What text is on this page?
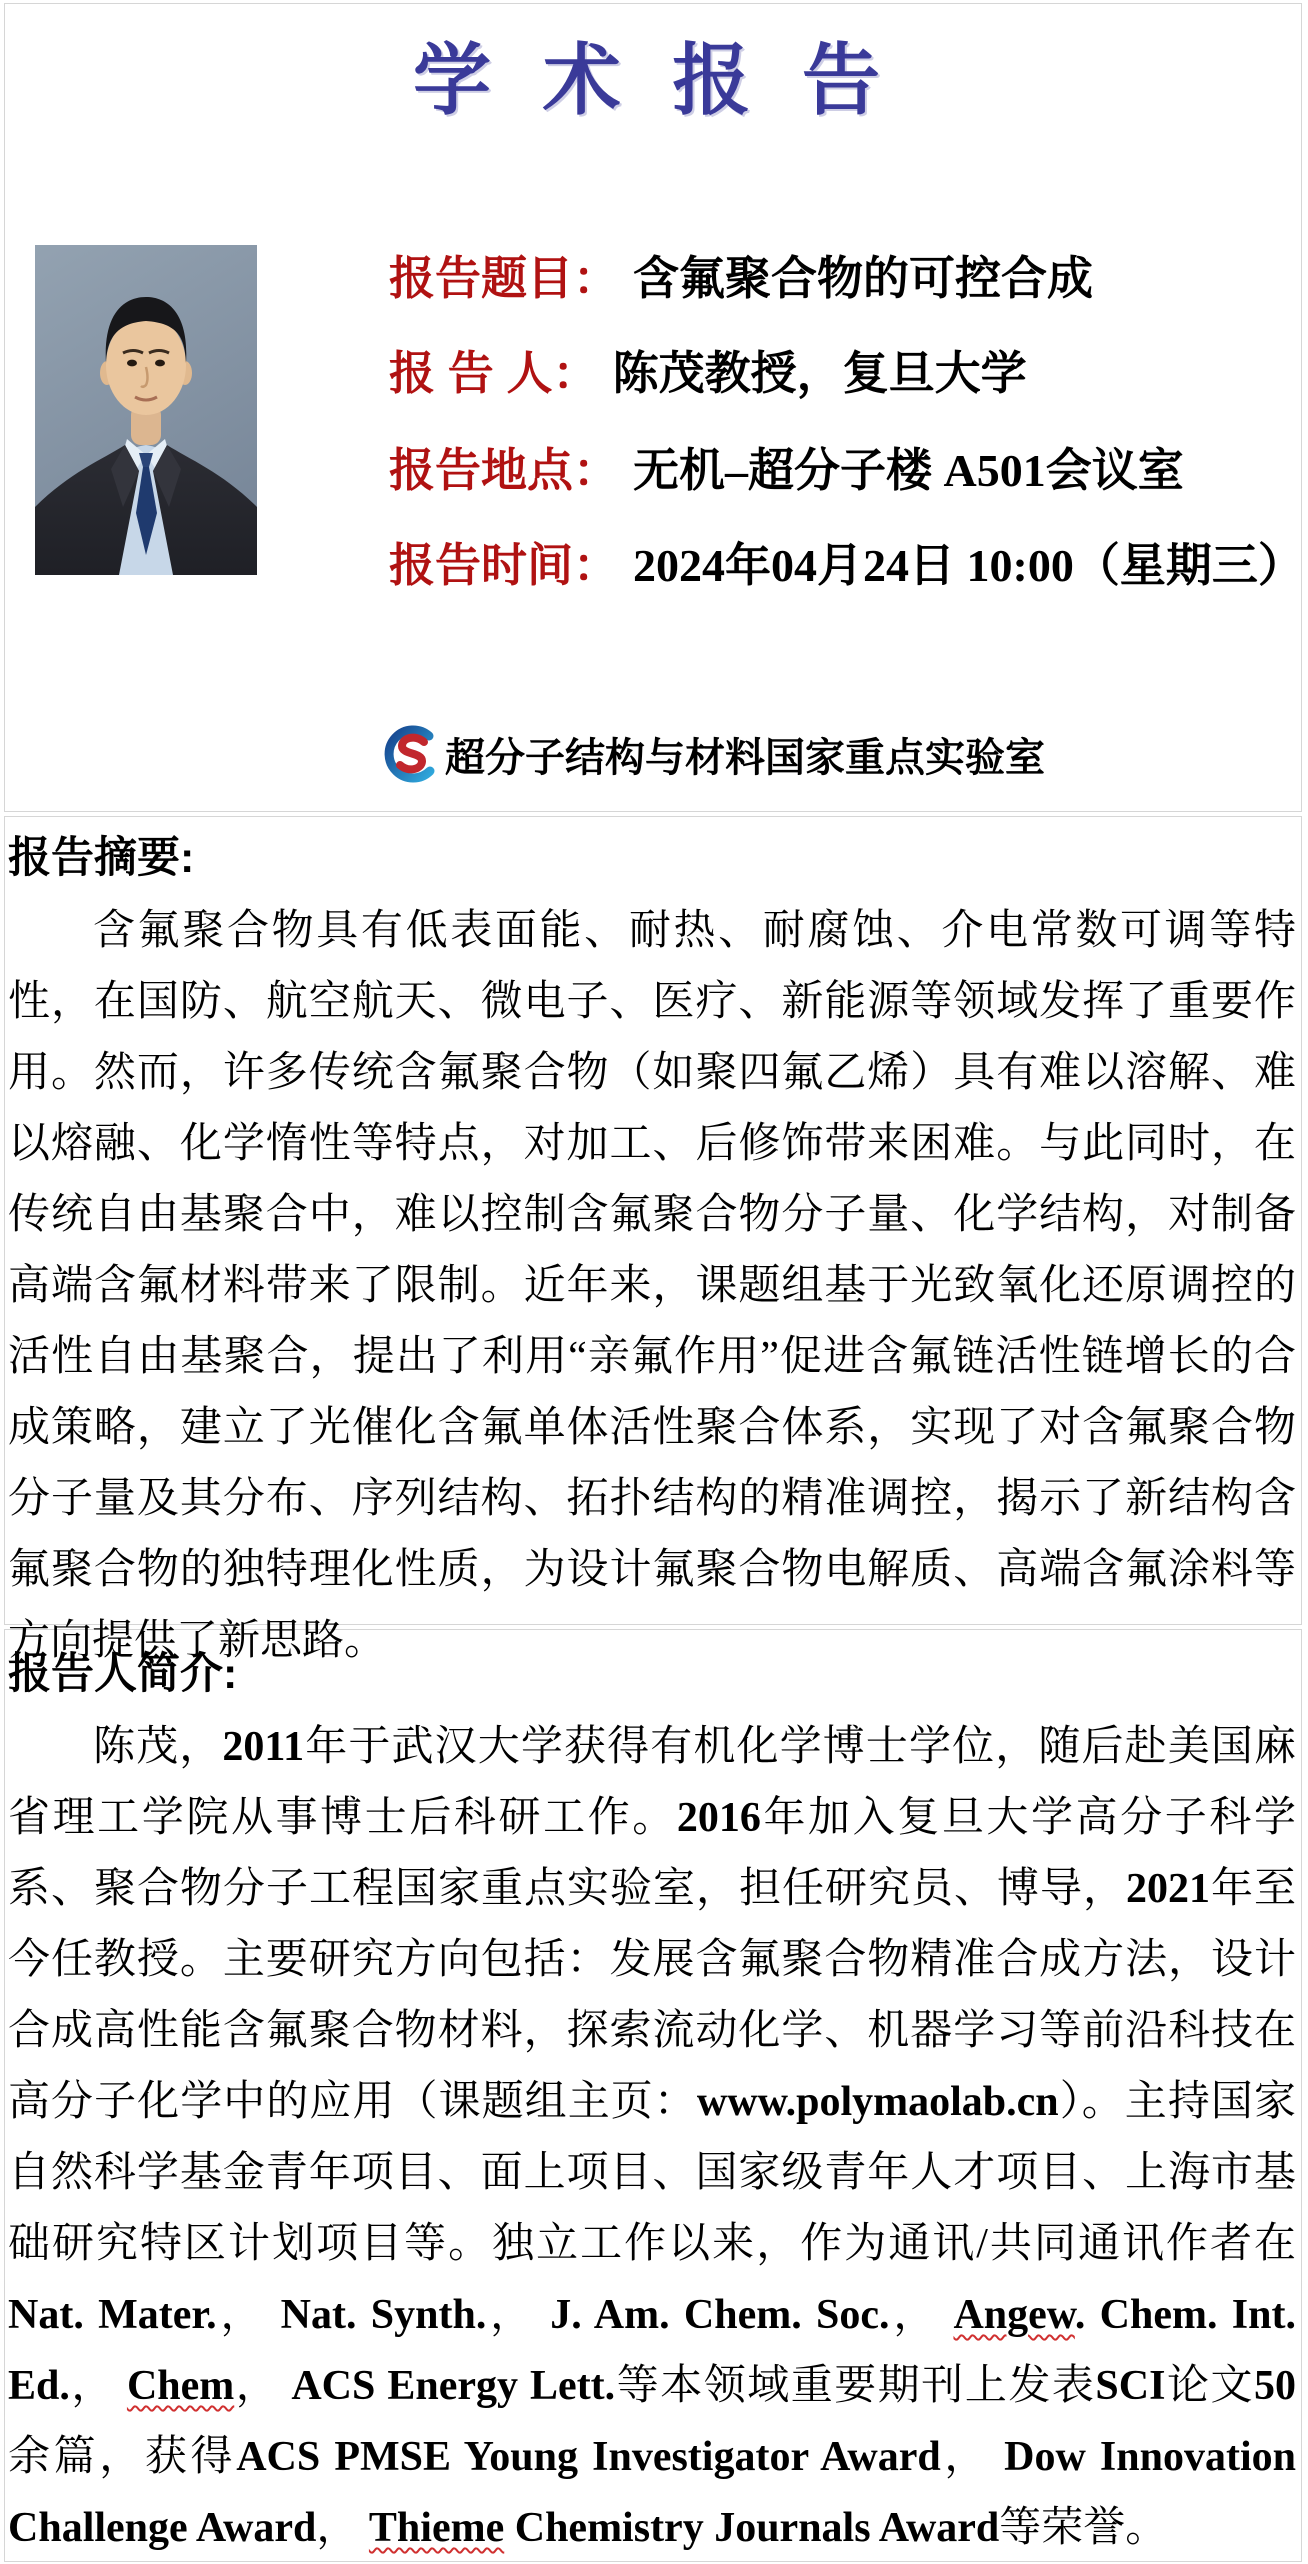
学 术 报 告
报告题目： 含氟聚合物的可控合成
报 告 人： 陈茂教授，复旦大学
报告地点： 无机–超分子楼 A501会议室
报告时间： 2024年04月24日 10:00（星期三）
超分子结构与材料国家重点实验室
报告摘要:
含氟聚合物具有低表面能、耐热、耐腐蚀、介电常数可调等特性，在国防、航空航天、微电子、医疗、新能源等领域发挥了重要作用。然而，许多传统含氟聚合物（如聚四氟乙烯）具有难以溶解、难以熔融、化学惰性等特点，对加工、后修饰带来困难。与此同时，在传统自由基聚合中，难以控制含氟聚合物分子量、化学结构，对制备高端含氟材料带来了限制。近年来，课题组基于光致氧化还原调控的活性自由基聚合，提出了利用“亲氟作用”促进含氟链活性链增长的合成策略，建立了光催化含氟单体活性聚合体系，实现了对含氟聚合物分子量及其分布、序列结构、拓扑结构的精准调控，揭示了新结构含氟聚合物的独特理化性质，为设计氟聚合物电解质、高端含氟涂料等方向提供了新思路。
报告人简介:
陈茂，2011年于武汉大学获得有机化学博士学位，随后赴美国麻省理工学院从事博士后科研工作。2016年加入复旦大学高分子科学系、聚合物分子工程国家重点实验室，担任研究员、博导，2021年至今任教授。主要研究方向包括：发展含氟聚合物精准合成方法，设计合成高性能含氟聚合物材料，探索流动化学、机器学习等前沿科技在高分子化学中的应用（课题组主页：www.polymaolab.cn）。主持国家自然科学基金青年项目、面上项目、国家级青年人才项目、上海市基础研究特区计划项目等。独立工作以来，作为通讯/共同通讯作者在Nat. Mater.， Nat. Synth.， J. Am. Chem. Soc.， Angew. Chem. Int. Ed.， Chem， ACS Energy Lett.等本领域重要期刊上发表SCI论文50余篇，获得ACS PMSE Young Investigator Award， Dow Innovation Challenge Award， Thieme Chemistry Journals Award等荣誉。
